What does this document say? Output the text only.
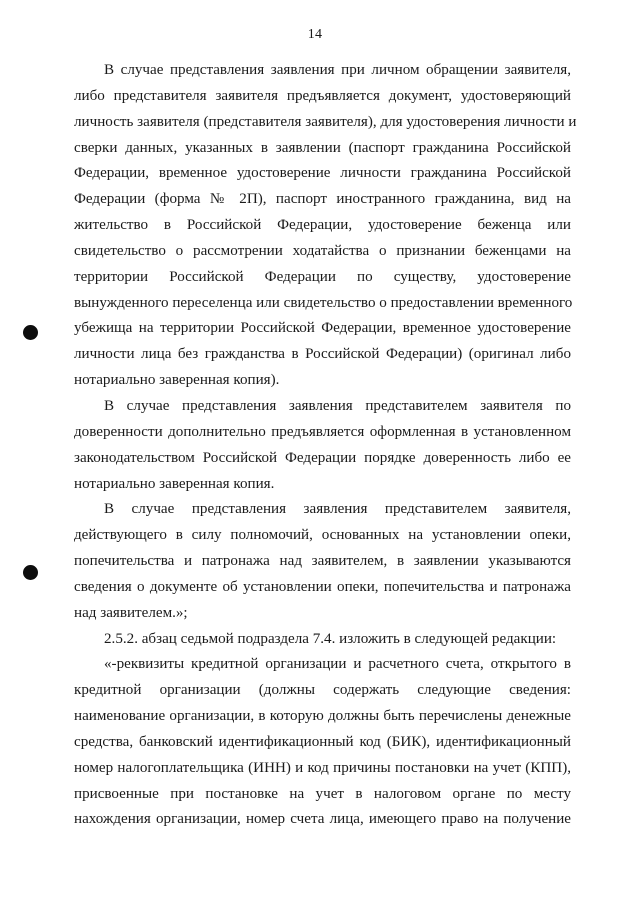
14
В случае представления заявления при личном обращении заявителя,
либо представителя заявителя предъявляется документ, удостоверяющий
личность заявителя (представителя заявителя), для удостоверения личности и
сверки данных, указанных в заявлении (паспорт гражданина Российской
Федерации, временное удостоверение личности гражданина Российской
Федерации (форма № 2П), паспорт иностранного гражданина, вид на
жительство в Российской Федерации, удостоверение беженца или
свидетельство о рассмотрении ходатайства о признании беженцами на
территории Российской Федерации по существу, удостоверение
вынужденного переселенца или свидетельство о предоставлении временного
убежища на территории Российской Федерации, временное удостоверение
личности лица без гражданства в Российской Федерации) (оригинал либо
нотариально заверенная копия).
В случае представления заявления представителем заявителя по
доверенности дополнительно предъявляется оформленная в установленном
законодательством Российской Федерации порядке доверенность либо ее
нотариально заверенная копия.
В случае представления заявления представителем заявителя,
действующего в силу полномочий, основанных на установлении опеки,
попечительства и патронажа над заявителем, в заявлении указываются
сведения о документе об установлении опеки, попечительства и патронажа
над заявителем.»;
2.5.2. абзац седьмой подраздела 7.4. изложить в следующей редакции:
«-реквизиты кредитной организации и расчетного счета, открытого в
кредитной организации (должны содержать следующие сведения:
наименование организации, в которую должны быть перечислены денежные
средства, банковский идентификационный код (БИК), идентификационный
номер налогоплательщика (ИНН) и код причины постановки на учет (КПП),
присвоенные при постановке на учет в налоговом органе по месту
нахождения организации, номер счета лица, имеющего право на получение
